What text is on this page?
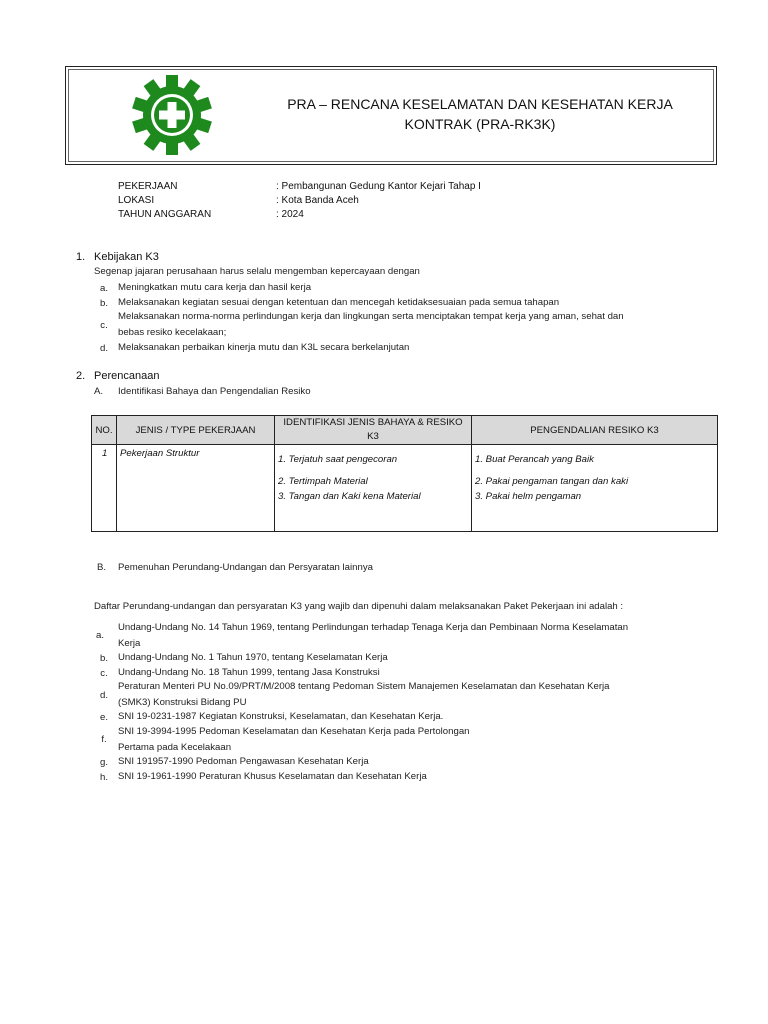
PRA – RENCANA KESELAMATAN DAN KESEHATAN KERJA
KONTRAK (PRA-RK3K)
PEKERJAAN	: Pembangunan Gedung Kantor Kejari Tahap I
LOKASI	: Kota Banda Aceh
TAHUN ANGGARAN	: 2024
1. Kebijakan K3
Segenap jajaran perusahaan harus selalu mengemban kepercayaan dengan
a.	Meningkatkan mutu cara kerja dan hasil kerja
b.	Melaksanakan kegiatan sesuai dengan ketentuan dan mencegah ketidaksesuaian pada semua tahapan
c.
Melaksanakan norma-norma perlindungan kerja dan lingkungan serta menciptakan tempat kerja yang aman, sehat dan
bebas resiko kecelakaan;
d.	Melaksanakan perbaikan kinerja mutu dan K3L secara berkelanjutan
2. Perencanaan
A. Identifikasi Bahaya dan Pengendalian Resiko
NO.	JENIS / TYPE PEKERJAAN	IDENTIFIKASI JENIS BAHAYA & RESIKO K3	PENGENDALIAN RESIKO K3

1	Pekerjaan Struktur	1. Terjatuh saat pengecoran
2. Tertimpah Material
3. Tangan dan Kaki kena Material	1. Buat Perancah yang Baik
2. Pakai pengaman tangan dan kaki
3. Pakai helm pengaman
B. Pemenuhan Perundang-Undangan dan Persyaratan lainnya
Daftar Perundang-undangan dan persyaratan K3 yang wajib dan dipenuhi dalam melaksanakan Paket Pekerjaan ini adalah :
a.
Undang-Undang No. 14 Tahun 1969, tentang Perlindungan terhadap Tenaga Kerja dan Pembinaan Norma Keselamatan
Kerja
b.	Undang-Undang No. 1 Tahun 1970, tentang Keselamatan Kerja
c.	Undang-Undang No. 18 Tahun 1999, tentang Jasa Konstruksi
d.
Peraturan Menteri PU No.09/PRT/M/2008 tentang Pedoman Sistem Manajemen Keselamatan dan Kesehatan Kerja
(SMK3) Konstruksi Bidang PU
e.	SNI 19-0231-1987 Kegiatan Konstruksi, Keselamatan, dan Kesehatan Kerja.
f.
SNI 19-3994-1995 Pedoman Keselamatan dan Kesehatan Kerja pada Pertolongan
Pertama pada Kecelakaan
g.	SNI 191957-1990 Pedoman Pengawasan Kesehatan Kerja
h.	SNI 19-1961-1990 Peraturan Khusus Keselamatan dan Kesehatan Kerja
